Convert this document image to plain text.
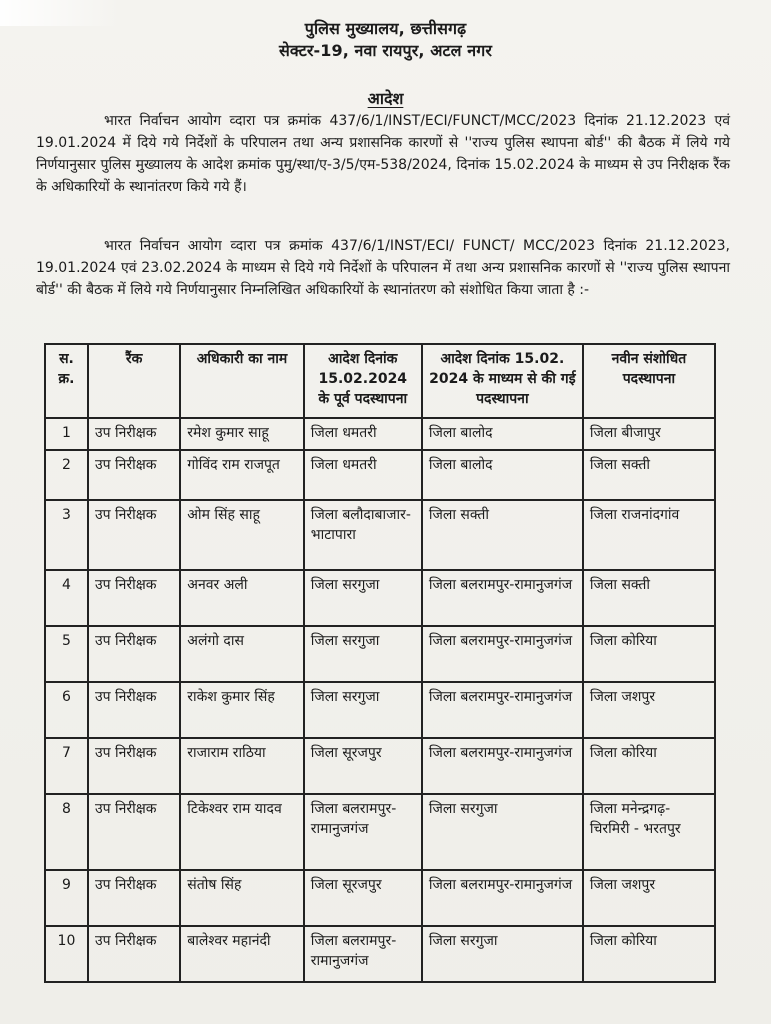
पुलिस मुख्यालय, छत्तीसगढ़
सेक्टर-19, नवा रायपुर, अटल नगर
आदेश
भारत निर्वाचन आयोग व्दारा पत्र क्रमांक 437/6/1/INST/ECI/FUNCT/MCC/2023 दिनांक 21.12.2023 एवं 19.01.2024 में दिये गये निर्देशों के परिपालन तथा अन्य प्रशासनिक कारणों से ''राज्य पुलिस स्थापना बोर्ड'' की बैठक में लिये गये निर्णयानुसार पुलिस मुख्यालय के आदेश क्रमांक पुमु/स्था/ए-3/5/एम-538/2024, दिनांक 15.02.2024 के माध्यम से उप निरीक्षक रैंक के अधिकारियों के स्थानांतरण किये गये हैं।
भारत निर्वाचन आयोग व्दारा पत्र क्रमांक 437/6/1/INST/ECI/ FUNCT/ MCC/2023 दिनांक 21.12.2023, 19.01.2024 एवं 23.02.2024 के माध्यम से दिये गये निर्देशों के परिपालन में तथा अन्य प्रशासनिक कारणों से ''राज्य पुलिस स्थापना बोर्ड'' की बैठक में लिये गये निर्णयानुसार निम्नलिखित अधिकारियों के स्थानांतरण को संशोधित किया जाता है :-
स. क्र.	रैंक	अधिकारी का नाम	आदेश दिनांक 15.02.2024 के पूर्व पदस्थापना	आदेश दिनांक 15.02. 2024 के माध्यम से की गई पदस्थापना	नवीन संशोधित पदस्थापना
1	उप निरीक्षक	रमेश कुमार साहू	जिला धमतरी	जिला बालोद	जिला बीजापुर
2	उप निरीक्षक	गोविंद राम राजपूत	जिला धमतरी	जिला बालोद	जिला सक्ती
3	उप निरीक्षक	ओम सिंह साहू	जिला बलौदाबाजार- भाटापारा	जिला सक्ती	जिला राजनांदगांव
4	उप निरीक्षक	अनवर अली	जिला सरगुजा	जिला बलरामपुर-रामानुजगंज	जिला सक्ती
5	उप निरीक्षक	अलंगो दास	जिला सरगुजा	जिला बलरामपुर-रामानुजगंज	जिला कोरिया
6	उप निरीक्षक	राकेश कुमार सिंह	जिला सरगुजा	जिला बलरामपुर-रामानुजगंज	जिला जशपुर
7	उप निरीक्षक	राजाराम राठिया	जिला सूरजपुर	जिला बलरामपुर-रामानुजगंज	जिला कोरिया
8	उप निरीक्षक	टिकेश्वर राम यादव	जिला बलरामपुर- रामानुजगंज	जिला सरगुजा	जिला मनेन्द्रगढ़-चिरमिरी - भरतपुर
9	उप निरीक्षक	संतोष सिंह	जिला सूरजपुर	जिला बलरामपुर-रामानुजगंज	जिला जशपुर
10	उप निरीक्षक	बालेश्वर महानंदी	जिला बलरामपुर- रामानुजगंज	जिला सरगुजा	जिला कोरिया
